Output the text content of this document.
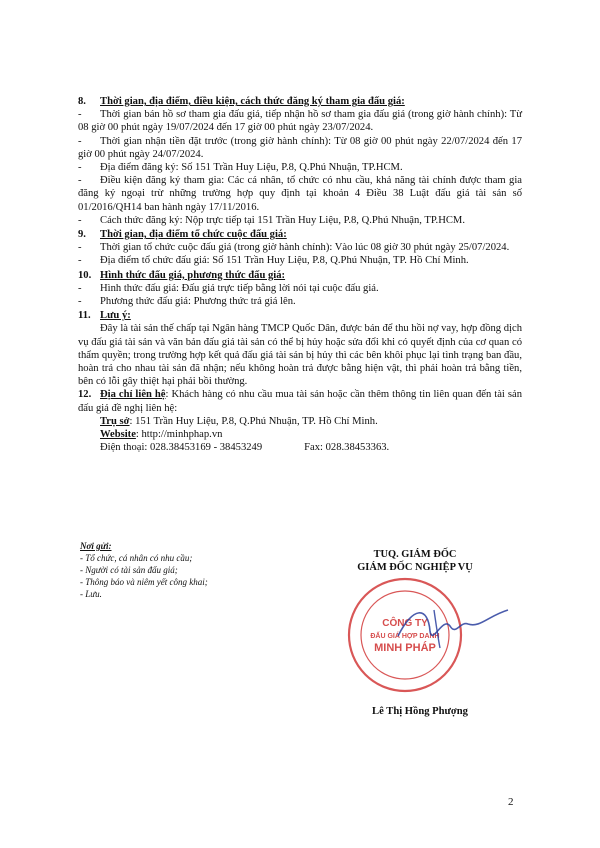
8. Thời gian, địa điểm, điều kiện, cách thức đăng ký tham gia đấu giá:
- Thời gian bán hồ sơ tham gia đấu giá, tiếp nhận hồ sơ tham gia đấu giá (trong giờ hành chính): Từ 08 giờ 00 phút ngày 19/07/2024 đến 17 giờ 00 phút ngày 23/07/2024.
- Thời gian nhận tiền đặt trước (trong giờ hành chính): Từ 08 giờ 00 phút ngày 22/07/2024 đến 17 giờ 00 phút ngày 24/07/2024.
- Địa điểm đăng ký: Số 151 Trần Huy Liệu, P.8, Q.Phú Nhuận, TP.HCM.
- Điều kiện đăng ký tham gia: Các cá nhân, tổ chức có nhu cầu, khả năng tài chính được tham gia đăng ký ngoại trừ những trường hợp quy định tại khoản 4 Điều 38 Luật đấu giá tài sản số 01/2016/QH14 ban hành ngày 17/11/2016.
- Cách thức đăng ký: Nộp trực tiếp tại 151 Trần Huy Liệu, P.8, Q.Phú Nhuận, TP.HCM.
9. Thời gian, địa điểm tổ chức cuộc đấu giá:
- Thời gian tổ chức cuộc đấu giá (trong giờ hành chính): Vào lúc 08 giờ 30 phút ngày 25/07/2024.
- Địa điểm tổ chức đấu giá: Số 151 Trần Huy Liệu, P.8, Q.Phú Nhuận, TP. Hồ Chí Minh.
10. Hình thức đấu giá, phương thức đấu giá:
- Hình thức đấu giá: Đấu giá trực tiếp bằng lời nói tại cuộc đấu giá.
- Phương thức đấu giá: Phương thức trả giá lên.
11. Lưu ý:
Đây là tài sản thế chấp tại Ngân hàng TMCP Quốc Dân, được bán để thu hồi nợ vay, hợp đồng dịch vụ đấu giá tài sản và văn bản đấu giá tài sản có thể bị hủy hoặc sửa đổi khi có quyết định của cơ quan có thẩm quyền; trong trường hợp kết quả đấu giá tài sản bị hủy thì các bên khôi phục lại tình trạng ban đầu, hoàn trả cho nhau tài sản đã nhận; nếu không hoàn trả được bằng hiện vật, thì phải hoàn trả bằng tiền, bên có lỗi gây thiệt hại phải bồi thường.
12. Địa chỉ liên hệ: Khách hàng có nhu cầu mua tài sản hoặc cần thêm thông tin liên quan đến tài sản đấu giá đề nghị liên hệ:
Trụ sở: 151 Trần Huy Liệu, P.8, Q.Phú Nhuận, TP. Hồ Chí Minh.
Website: http://minhphap.vn
Điện thoại: 028.38453169 - 38453249	Fax: 028.38453363.
Nơi gửi:
- Tổ chức, cá nhân có nhu cầu;
- Người có tài sản đấu giá;
- Thông báo và niêm yết công khai;
- Lưu.
TUQ. GIÁM ĐỐC
GIÁM ĐỐC NGHIỆP VỤ
CÔNG TY
ĐẤU GIÁ HỢP DANH
MINH PHÁP
Lê Thị Hồng Phượng
2
